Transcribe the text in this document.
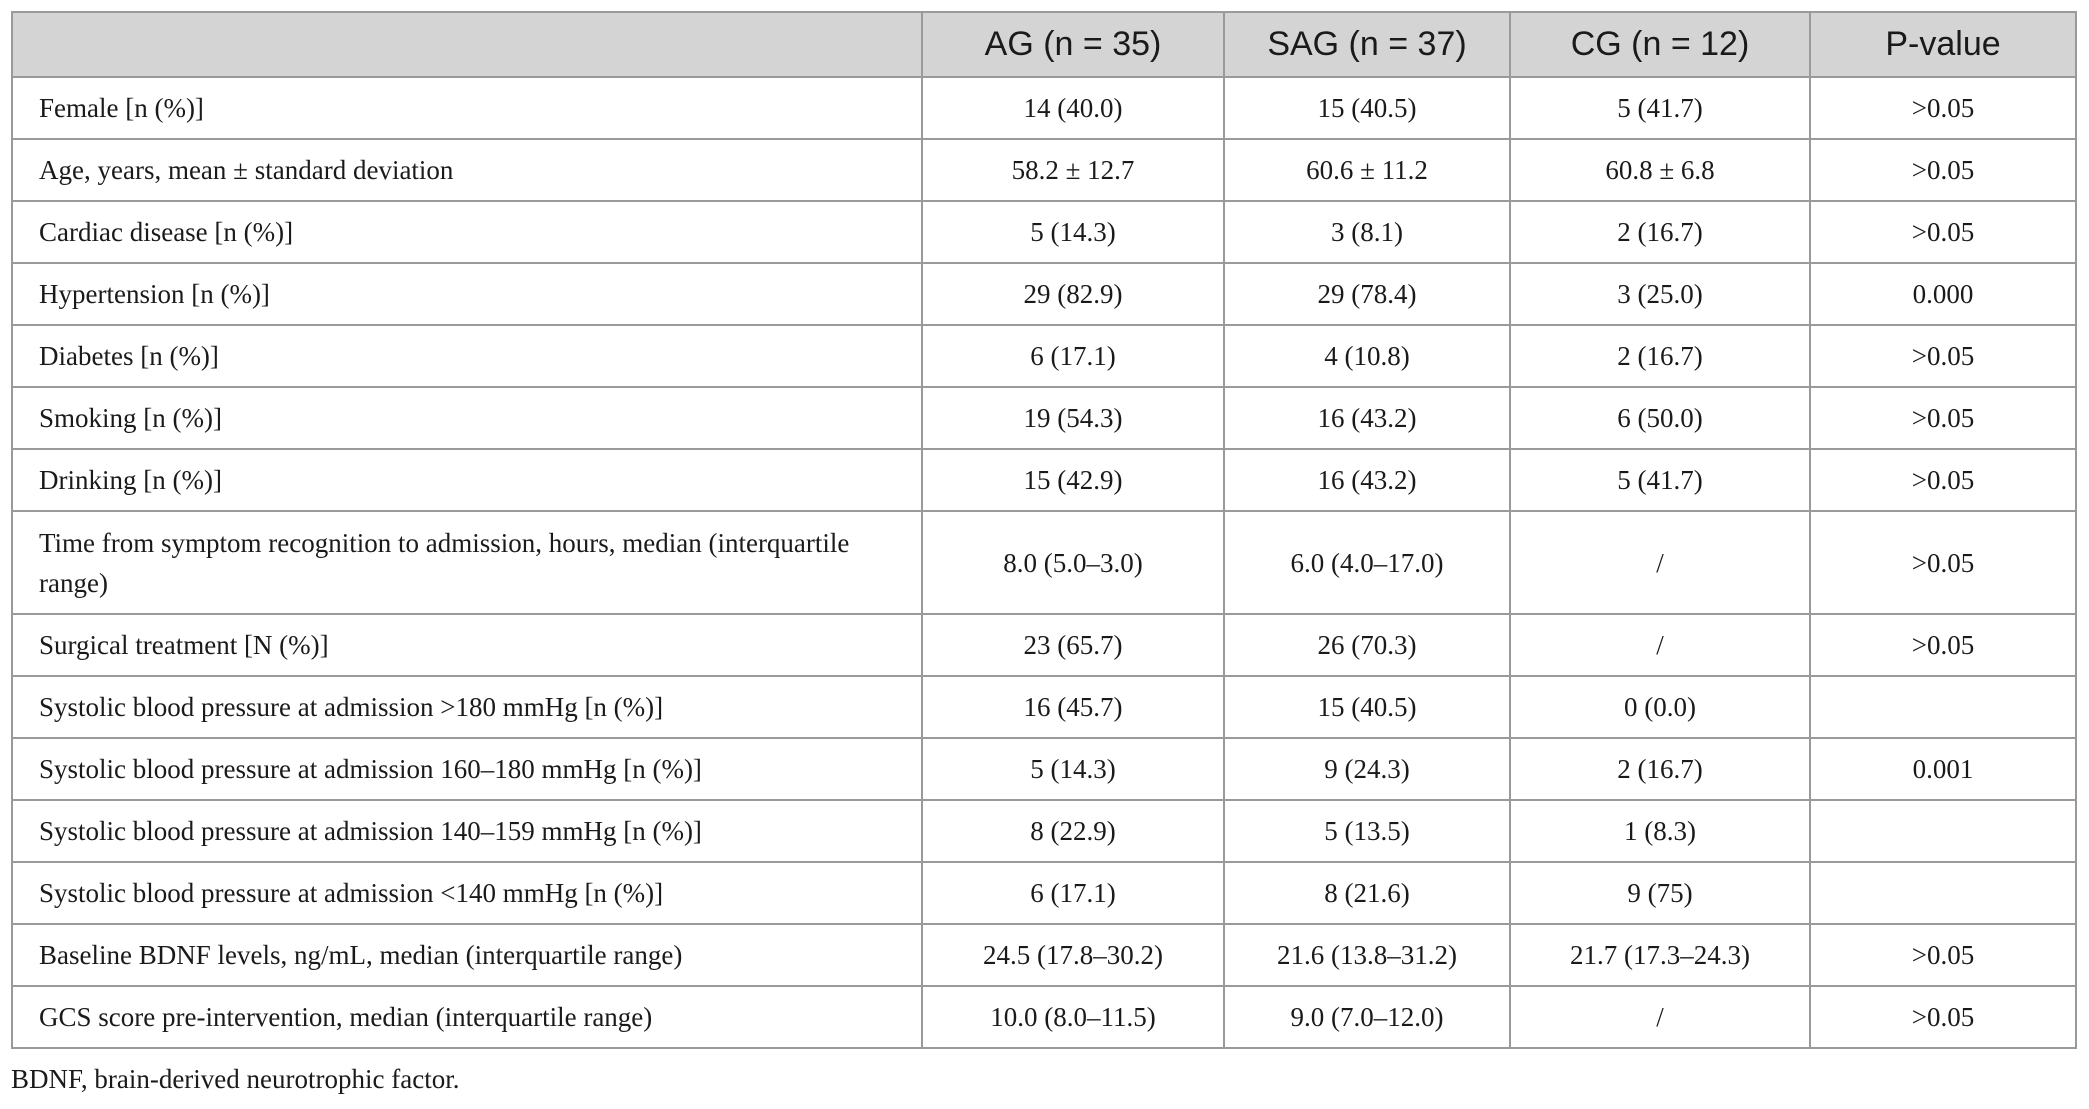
	AG (n = 35)	SAG (n = 37)	CG (n = 12)	P-value
Female [n (%)]	14 (40.0)	15 (40.5)	5 (41.7)	>0.05
Age, years, mean ± standard deviation	58.2 ± 12.7	60.6 ± 11.2	60.8 ± 6.8	>0.05
Cardiac disease [n (%)]	5 (14.3)	3 (8.1)	2 (16.7)	>0.05
Hypertension [n (%)]	29 (82.9)	29 (78.4)	3 (25.0)	0.000
Diabetes [n (%)]	6 (17.1)	4 (10.8)	2 (16.7)	>0.05
Smoking [n (%)]	19 (54.3)	16 (43.2)	6 (50.0)	>0.05
Drinking [n (%)]	15 (42.9)	16 (43.2)	5 (41.7)	>0.05
Time from symptom recognition to admission, hours, median (interquartile range)	8.0 (5.0–3.0)	6.0 (4.0–17.0)	/	>0.05
Surgical treatment [N (%)]	23 (65.7)	26 (70.3)	/	>0.05
Systolic blood pressure at admission >180 mmHg [n (%)]	16 (45.7)	15 (40.5)	0 (0.0)	
Systolic blood pressure at admission 160–180 mmHg [n (%)]	5 (14.3)	9 (24.3)	2 (16.7)	0.001
Systolic blood pressure at admission 140–159 mmHg [n (%)]	8 (22.9)	5 (13.5)	1 (8.3)	
Systolic blood pressure at admission <140 mmHg [n (%)]	6 (17.1)	8 (21.6)	9 (75)	
Baseline BDNF levels, ng/mL, median (interquartile range)	24.5 (17.8–30.2)	21.6 (13.8–31.2)	21.7 (17.3–24.3)	>0.05
GCS score pre-intervention, median (interquartile range)	10.0 (8.0–11.5)	9.0 (7.0–12.0)	/	>0.05
BDNF, brain-derived neurotrophic factor.
